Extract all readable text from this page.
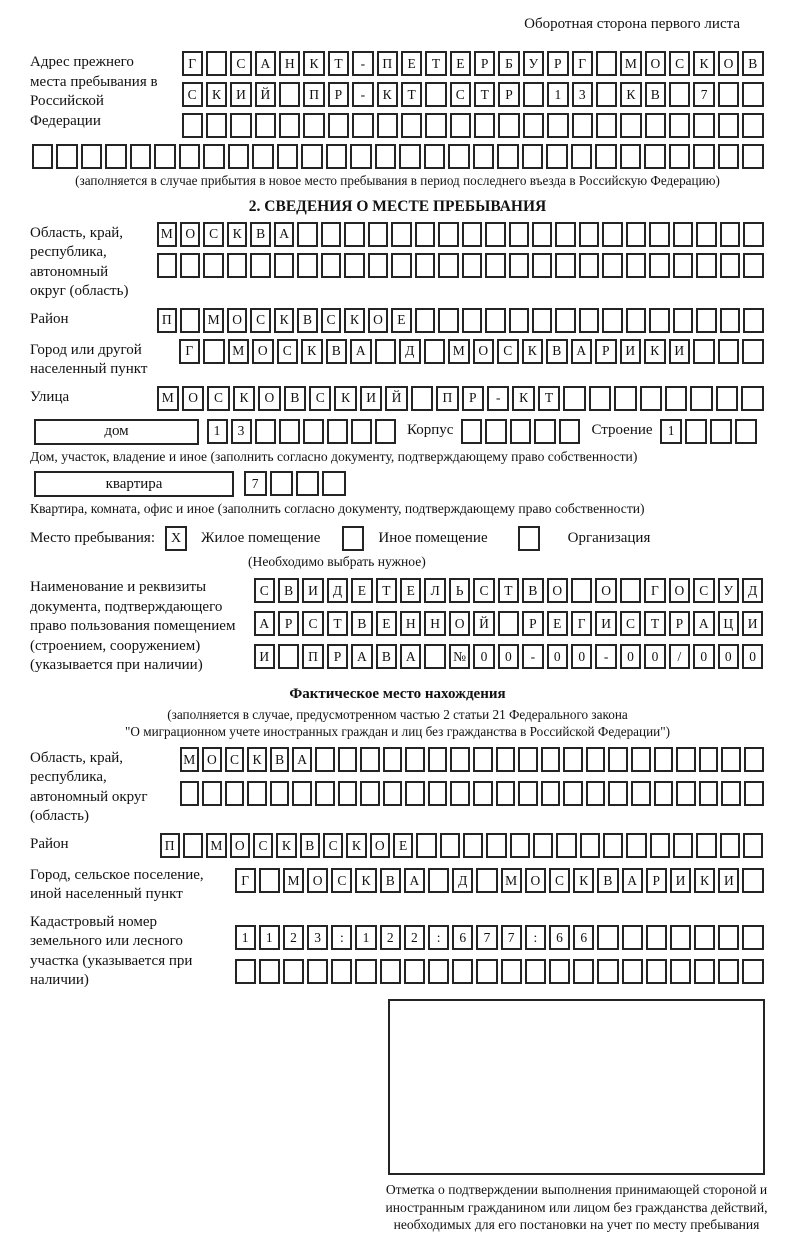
Оборотная сторона первого листа
Адрес прежнего места пребывания в Российской Федерации
Г	С	А	Н	К	Т	-	П	Е	Т	Е	Р	Б	У	Р	Г	М	О	С	К	О	В
С	К	И	Й	П	Р	-	К	Т	С	Т	Р	1	3	К	В	7
(заполняется в случае прибытия в новое место пребывания в период последнего въезда в Российскую Федерацию)
2. СВЕДЕНИЯ О МЕСТЕ ПРЕБЫВАНИЯ
Область, край, республика, автономный округ (область)
М О	С	К	В	А
Район	П	М О	С	К	В	С	К	О	Е
Город или другой населенный пункт
Г	М	О	С	К	В	А	Д	М	О	С	К	В	А	Р	И	К	И
Улица	М	О	С	К	О	В	С	К	И	Й	П	Р	-	К	Т
дом	1	3	Корпус	Строение	1
Дом, участок, владение и иное (заполнить согласно документу, подтверждающему право собственности)
квартира	7
Квартира, комната, офис и иное (заполнить согласно документу, подтверждающему право собственности)
Место пребывания:	X	Жилое помещение	Иное помещение	Организация
(Необходимо выбрать нужное)
Наименование и реквизиты документа, подтверждающего право пользования помещением (строением, сооружением) (указывается при наличии)
С	В	И	Д	Е	Т	Е	Л	Ь	С	Т	В	О	О	Г	О	С	У	Д
А	Р	С	Т	В	Е	Н	Н	О	Й	Р	Е	Г	И	С	Т	Р	А	Ц	И
И	П	Р	А	В	А	№	0	0	-	0	0	-	0	0	/	0	0	0
Фактическое место нахождения
(заполняется в случае, предусмотренном частью 2 статьи 21 Федерального закона
"О миграционном учете иностранных граждан и лиц без гражданства в Российской Федерации")
Область, край, республика, автономный округ (область)
М О С	К	В А
Район	П	М О	С	К	В	С	К	О	Е
Город, сельское поселение, иной населенный пункт
Г	М О	С	К	В	А	Д	М О	С	К	В	А	Р	И	К	И
Кадастровый номер земельного или лесного участка (указывается при наличии)
1	1	2	3	:	1	2	2	:	6	7	7	:	6	6
Отметка о подтверждении выполнения принимающей стороной и иностранным гражданином или лицом без гражданства действий, необходимых для его постановки на учет по месту пребывания
